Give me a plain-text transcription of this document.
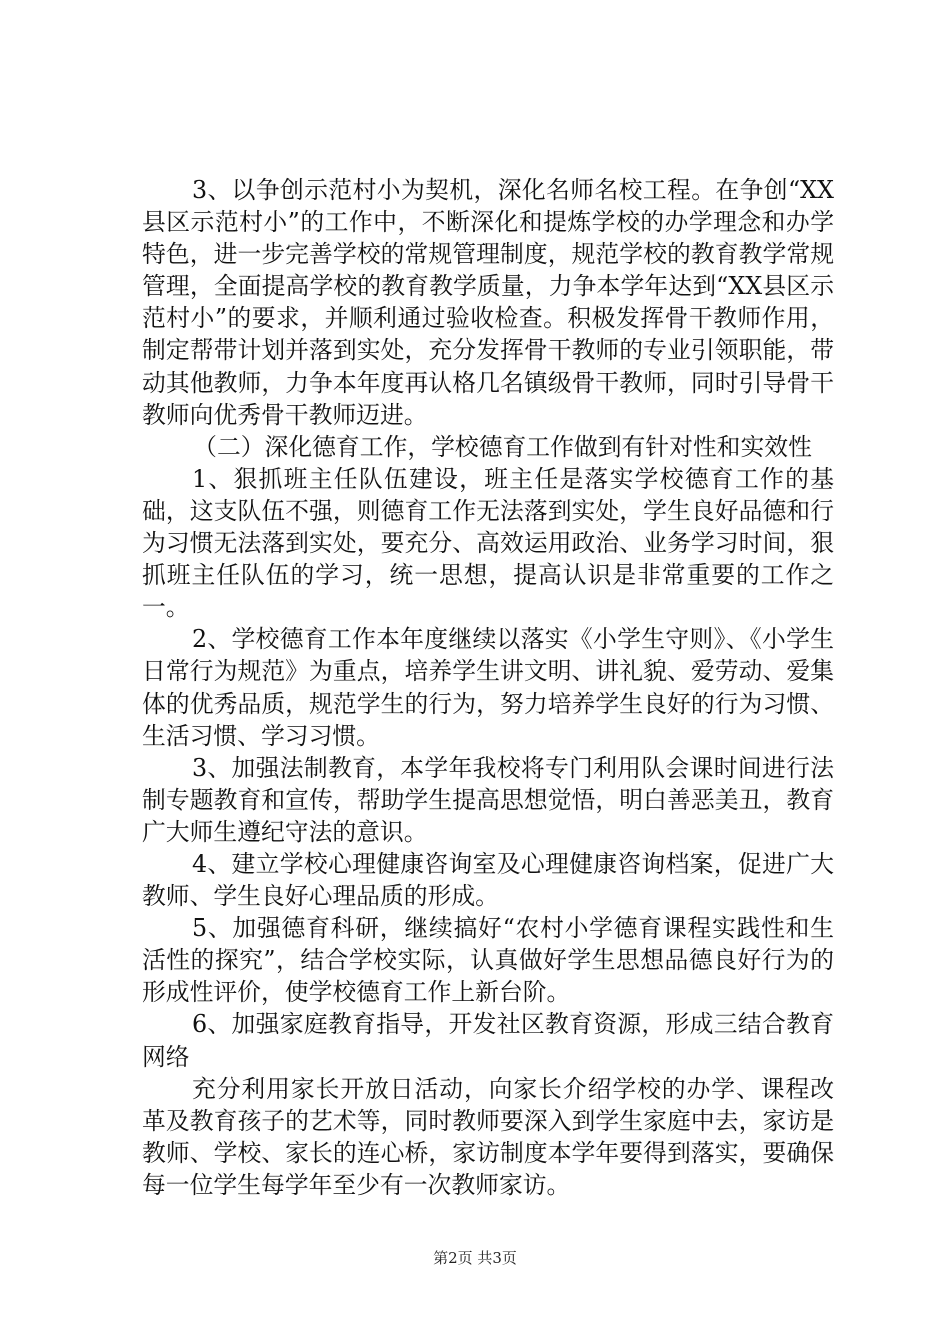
3、以争创示范村小为契机，深化名师名校工程。在争创“XX县区示范村小”的工作中，不断深化和提炼学校的办学理念和办学特色，进一步完善学校的常规管理制度，规范学校的教育教学常规管理，全面提高学校的教育教学质量，力争本学年达到“XX县区示范村小”的要求，并顺利通过验收检查。积极发挥骨干教师作用，制定帮带计划并落到实处，充分发挥骨干教师的专业引领职能，带动其他教师，力争本年度再认格几名镇级骨干教师，同时引导骨干教师向优秀骨干教师迈进。

（二）深化德育工作，学校德育工作做到有针对性和实效性

1、狠抓班主任队伍建设，班主任是落实学校德育工作的基础，这支队伍不强，则德育工作无法落到实处，学生良好品德和行为习惯无法落到实处，要充分、高效运用政治、业务学习时间，狠抓班主任队伍的学习，统一思想，提高认识是非常重要的工作之一。

2、学校德育工作本年度继续以落实《小学生守则》、《小学生日常行为规范》为重点，培养学生讲文明、讲礼貌、爱劳动、爱集体的优秀品质，规范学生的行为，努力培养学生良好的行为习惯、生活习惯、学习习惯。

3、加强法制教育，本学年我校将专门利用队会课时间进行法制专题教育和宣传，帮助学生提高思想觉悟，明白善恶美丑，教育广大师生遵纪守法的意识。

4、建立学校心理健康咨询室及心理健康咨询档案，促进广大教师、学生良好心理品质的形成。

5、加强德育科研，继续搞好“农村小学德育课程实践性和生活性的探究”，结合学校实际，认真做好学生思想品德良好行为的形成性评价，使学校德育工作上新台阶。

6、加强家庭教育指导，开发社区教育资源，形成三结合教育网络

充分利用家长开放日活动，向家长介绍学校的办学、课程改革及教育孩子的艺术等，同时教师要深入到学生家庭中去，家访是教师、学校、家长的连心桥，家访制度本学年要得到落实，要确保每一位学生每学年至少有一次教师家访。

第2页 共3页
